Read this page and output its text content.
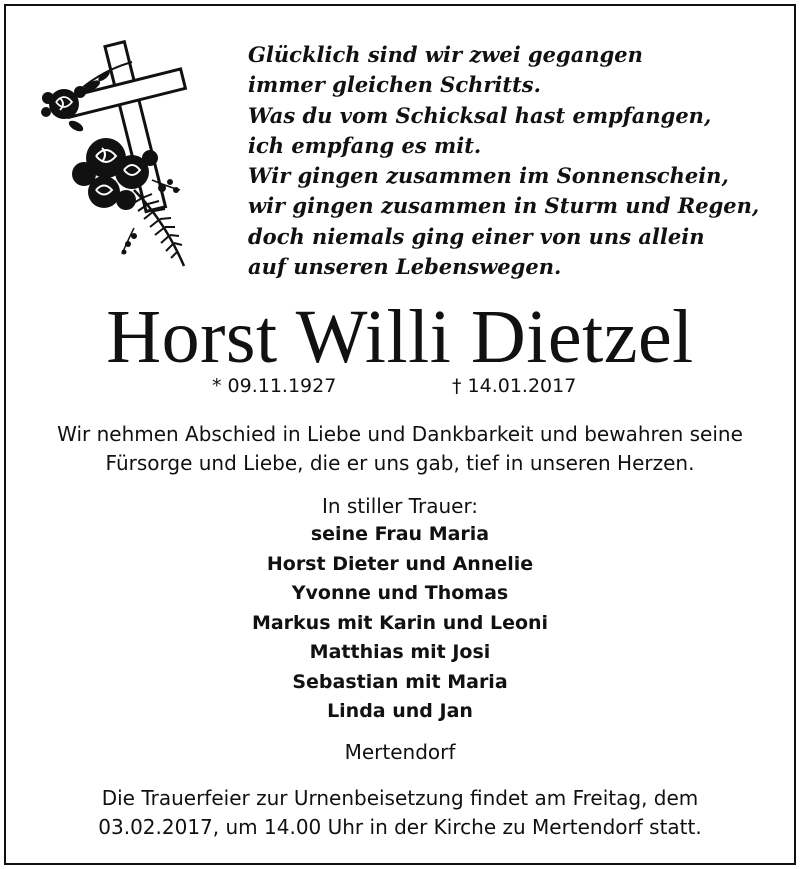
Glücklich sind wir zwei gegangen
immer gleichen Schritts.
Was du vom Schicksal hast empfangen,
ich empfang es mit.
Wir gingen zusammen im Sonnenschein,
wir gingen zusammen in Sturm und Regen,
doch niemals ging einer von uns allein
auf unseren Lebenswegen.
Horst Willi Dietzel
* 09.11.1927	† 14.01.2017
Wir nehmen Abschied in Liebe und Dankbarkeit und bewahren seine
Fürsorge und Liebe, die er uns gab, tief in unseren Herzen.
In stiller Trauer:
seine Frau Maria
Horst Dieter und Annelie
Yvonne und Thomas
Markus mit Karin und Leoni
Matthias mit Josi
Sebastian mit Maria
Linda und Jan
Mertendorf
Die Trauerfeier zur Urnenbeisetzung findet am Freitag, dem
03.02.2017, um 14.00 Uhr in der Kirche zu Mertendorf statt.
